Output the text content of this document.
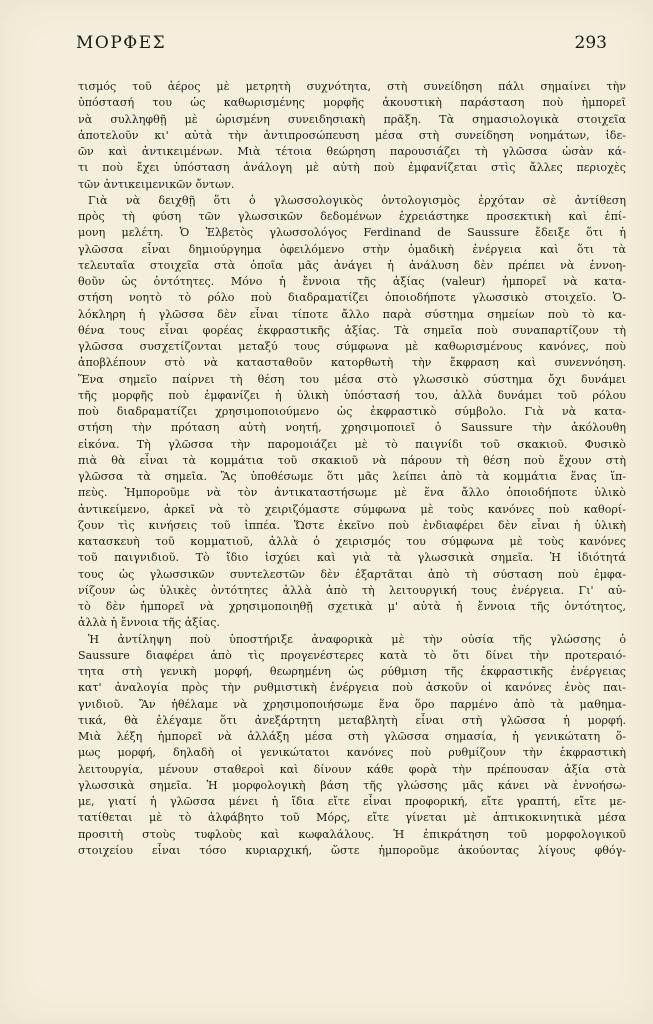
ΜΟΡΦΕΣ	293
τισμός τοῦ ἀέρος μὲ μετρητὴ συχνότητα, στὴ συνείδηση πάλι σημαίνει τὴν
ὑπόστασή του ὡς καθωρισμένης μορφῆς ἀκουστικὴ παράσταση ποὺ ἠμπορεῖ
νὰ συλληφθῇ μὲ ὡρισμένη συνειδησιακὴ πρᾶξη. Τὰ σημασιολογικὰ στοιχεῖα
ἀποτελοῦν κι' αὐτὰ τὴν ἀντιπροσώπευση μέσα στὴ συνείδηση νοημάτων, ἰδε-
ῶν καὶ ἀντικειμένων. Μιὰ τέτοια θεώρηση παρουσιάζει τὴ γλῶσσα ὡσὰν κά-
τι ποὺ ἔχει ὑπόσταση ἀνάλογη μὲ αὐτὴ ποὺ ἐμφανίζεται στὶς ἄλλες περιοχὲς
τῶν ἀντικειμενικῶν ὄντων.
Γιὰ νὰ δειχθῇ ὅτι ὁ γλωσσολογικὸς ὀντολογισμὸς ἐρχόταν σὲ ἀντίθεση
πρὸς τὴ φύση τῶν γλωσσικῶν δεδομένων ἐχρειάστηκε προσεκτικὴ καὶ ἐπί-
μονη μελέτη. Ὁ Ἑλβετὸς γλωσσολόγος Ferdinand de Saussure ἔδειξε ὅτι ἡ
γλῶσσα εἶναι δημιούργημα ὀφειλόμενο στὴν ὁμαδικὴ ἐνέργεια καὶ ὅτι τὰ
τελευταῖα στοιχεῖα στὰ ὁποῖα μᾶς ἀνάγει ἡ ἀνάλυση δὲν πρέπει νὰ ἐννοη-
θοῦν ὡς ὀντότητες. Μόνο ἡ ἔννοια τῆς ἀξίας (valeur) ἠμπορεῖ νὰ κατα-
στήση νοητὸ τὸ ρόλο ποὺ διαδραματίζει ὁποιοδήποτε γλωσσικὸ στοιχεῖο. Ὁ-
λόκληρη ἡ γλῶσσα δὲν εἶναι τίποτε ἄλλο παρὰ σύστημα σημείων ποὺ τὸ κα-
θένα τους εἶναι φορέας ἐκφραστικῆς ἀξίας. Τὰ σημεῖα ποὺ συναπαρτίζουν τὴ
γλῶσσα συσχετίζονται μεταξύ τους σύμφωνα μὲ καθωρισμένους κανόνες, ποὺ
ἀποβλέπουν στὸ νὰ κατασταθοῦν κατορθωτὴ τὴν ἔκφραση καὶ συνεννόηση.
Ἕνα σημεῖο παίρνει τὴ θέση του μέσα στὸ γλωσσικὸ σύστημα ὄχι δυνάμει
τῆς μορφῆς ποὺ ἐμφανίζει ἡ ὑλικὴ ὑπόστασή του, ἀλλὰ δυνάμει τοῦ ρόλου
ποὺ διαδραματίζει χρησιμοποιούμενο ὡς ἐκφραστικὸ σύμβολο. Γιὰ νὰ κατα-
στήση τὴν πρόταση αὐτὴ νοητή, χρησιμοποιεῖ ὁ Saussure τὴν ἀκόλουθη
εἰκόνα. Τὴ γλῶσσα τὴν παρομοιάζει μὲ τὸ παιγνίδι τοῦ σκακιοῦ. Φυσικὸ
πιὰ θὰ εἶναι τὰ κομμάτια τοῦ σκακιοῦ νὰ πάρουν τὴ θέση ποὺ ἔχουν στὴ
γλῶσσα τὰ σημεῖα. Ἂς ὑποθέσωμε ὅτι μᾶς λείπει ἀπὸ τὰ κομμάτια ἕνας ἵπ-
πεὺς. Ἠμποροῦμε νὰ τὸν ἀντικαταστήσωμε μὲ ἕνα ἄλλο ὁποιοδήποτε ὑλικὸ
ἀντικείμενο, ἀρκεῖ νὰ τὸ χειριζόμαστε σύμφωνα μὲ τοὺς κανόνες ποὺ καθορί-
ζουν τὶς κινήσεις τοῦ ἱππέα. Ὥστε ἐκεῖνο ποὺ ἐνδιαφέρει δὲν εἶναι ἡ ὑλικὴ
κατασκευὴ τοῦ κομματιοῦ, ἀλλὰ ὁ χειρισμός του σύμφωνα μὲ τοὺς κανόνες
τοῦ παιγνιδιοῦ. Τὸ ἴδιο ἰσχύει καὶ γιὰ τὰ γλωσσικὰ σημεῖα. Ἡ ἰδιότητά
τους ὡς γλωσσικῶν συντελεστῶν δὲν ἐξαρτᾶται ἀπὸ τὴ σύσταση ποὺ ἐμφα-
νίζουν ὡς ὑλικὲς ὀντότητες ἀλλὰ ἀπὸ τὴ λειτουργική τους ἐνέργεια. Γι' αὐ-
τὸ δὲν ἠμπορεῖ νὰ χρησιμοποιηθῇ σχετικὰ μ' αὐτὰ ἡ ἔννοια τῆς ὀντότητος,
ἀλλὰ ἡ ἔννοια τῆς ἀξίας.
Ἡ ἀντίληψη ποὺ ὑποστήριξε ἀναφορικὰ μὲ τὴν οὐσία τῆς γλώσσης ὁ
Saussure διαφέρει ἀπὸ τὶς προγενέστερες κατὰ τὸ ὅτι δίνει τὴν προτεραιό-
τητα στὴ γενικὴ μορφή, θεωρημένη ὡς ρύθμιση τῆς ἐκφραστικῆς ἐνέργειας
κατ' ἀναλογία πρὸς τὴν ρυθμιστικὴ ἐνέργεια ποὺ ἀσκοῦν οἱ κανόνες ἑνὸς παι-
γνιδιοῦ. Ἂν ἠθέλαμε νὰ χρησιμοποιήσωμε ἕνα ὅρο παρμένο ἀπὸ τὰ μαθημα-
τικά, θὰ ἐλέγαμε ὅτι ἀνεξάρτητη μεταβλητὴ εἶναι στὴ γλῶσσα ἡ μορφή.
Μιὰ λέξη ἠμπορεῖ νὰ ἀλλάξη μέσα στὴ γλῶσσα σημασία, ἡ γενικώτατη ὅ-
μως μορφή, δηλαδὴ οἱ γενικώτατοι κανόνες ποὺ ρυθμίζουν τὴν ἐκφραστικὴ
λειτουργία, μένουν σταθεροὶ καὶ δίνουν κάθε φορὰ τὴν πρέπουσαν ἀξία στὰ
γλωσσικὰ σημεῖα. Ἡ μορφολογικὴ βάση τῆς γλώσσης μᾶς κάνει νὰ ἐννοήσω-
με, γιατί ἡ γλῶσσα μένει ἡ ἴδια εἴτε εἶναι προφορική, εἴτε γραπτή, εἴτε με-
τατίθεται μὲ τὸ ἀλφάβητο τοῦ Μόρς, εἴτε γίνεται μὲ ἀπτικοκινητικὰ μέσα
προσιτὴ στοὺς τυφλοὺς καὶ κωφαλάλους. Ἡ ἐπικράτηση τοῦ μορφολογικοῦ
στοιχείου εἶναι τόσο κυριαρχική, ὥστε ἠμποροῦμε ἀκούοντας λίγους φθόγ-
